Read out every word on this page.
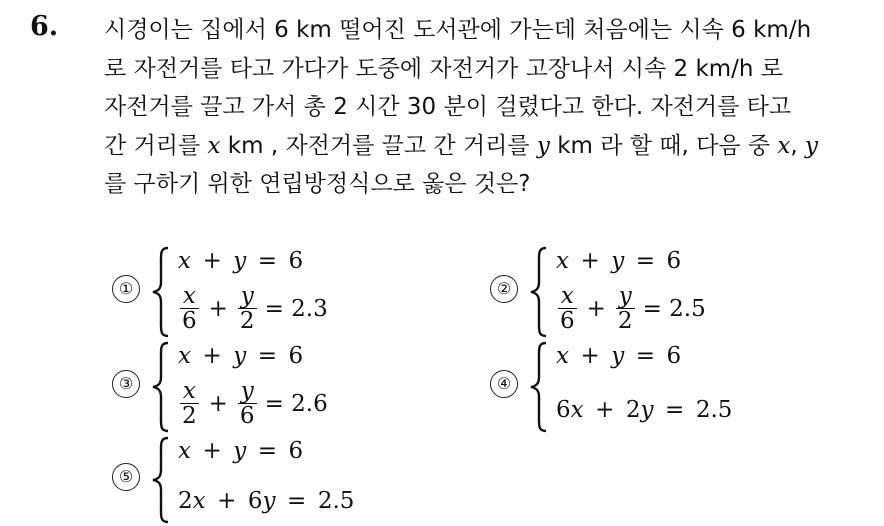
6. 시경이는 집에서 6 km 떨어진 도서관에 가는데 처음에는 시속 6 km/h
로 자전거를 타고 가다가 도중에 자전거가 고장나서 시속 2 km/h 로
자전거를 끌고 가서 총 2 시간 30 분이 걸렸다고 한다. 자전거를 타고
간 거리를 x km , 자전거를 끌고 간 거리를 y km 라 할 때, 다음 중 x, y
를 구하기 위한 연립방정식으로 옳은 것은?
①
x  +  y  =  6
$\frac{x}{6} + \frac{y}{2} = 2.3$
②
x  +  y  =  6
$\frac{x}{6} + \frac{y}{2} = 2.5$
③
x  +  y  =  6
$\frac{x}{2} + \frac{y}{6} = 2.6$
④
x  +  y  =  6
6x  +  2y  =  2.5
⑤
x  +  y  =  6
2x  +  6y  =  2.5
